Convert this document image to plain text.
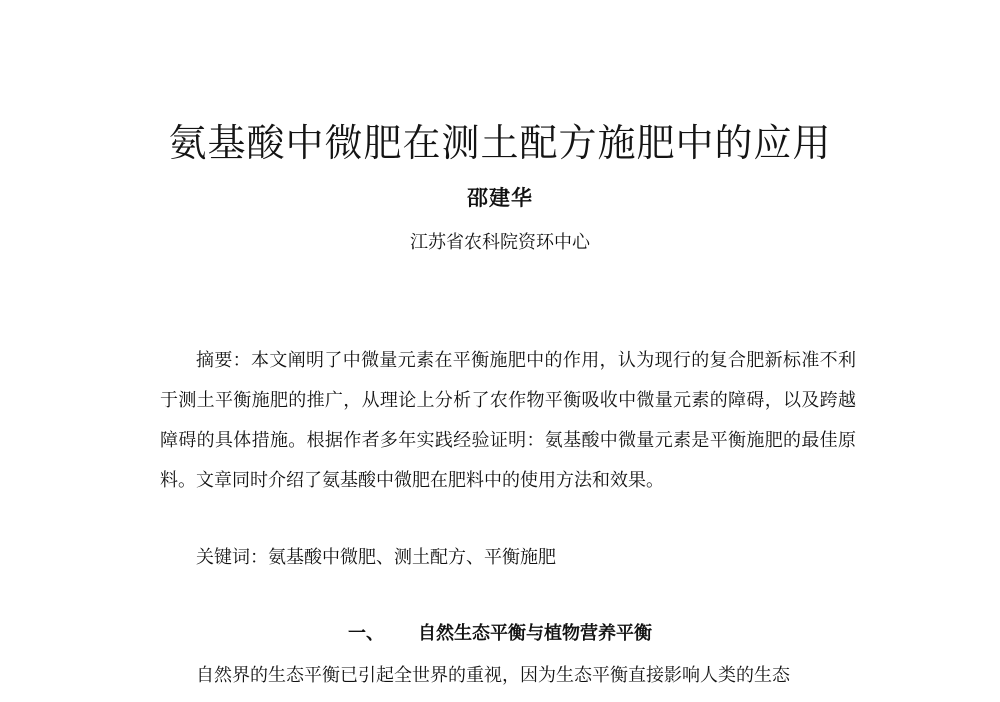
氨基酸中微肥在测土配方施肥中的应用
邵建华
江苏省农科院资环中心

摘要：本文阐明了中微量元素在平衡施肥中的作用，认为现行的复合肥新标准不利于测土平衡施肥的推广，从理论上分析了农作物平衡吸收中微量元素的障碍，以及跨越障碍的具体措施。根据作者多年实践经验证明：氨基酸中微量元素是平衡施肥的最佳原料。文章同时介绍了氨基酸中微肥在肥料中的使用方法和效果。

关键词：氨基酸中微肥、测土配方、平衡施肥

一、 自然生态平衡与植物营养平衡

自然界的生态平衡已引起全世界的重视，因为生态平衡直接影响人类的生态
